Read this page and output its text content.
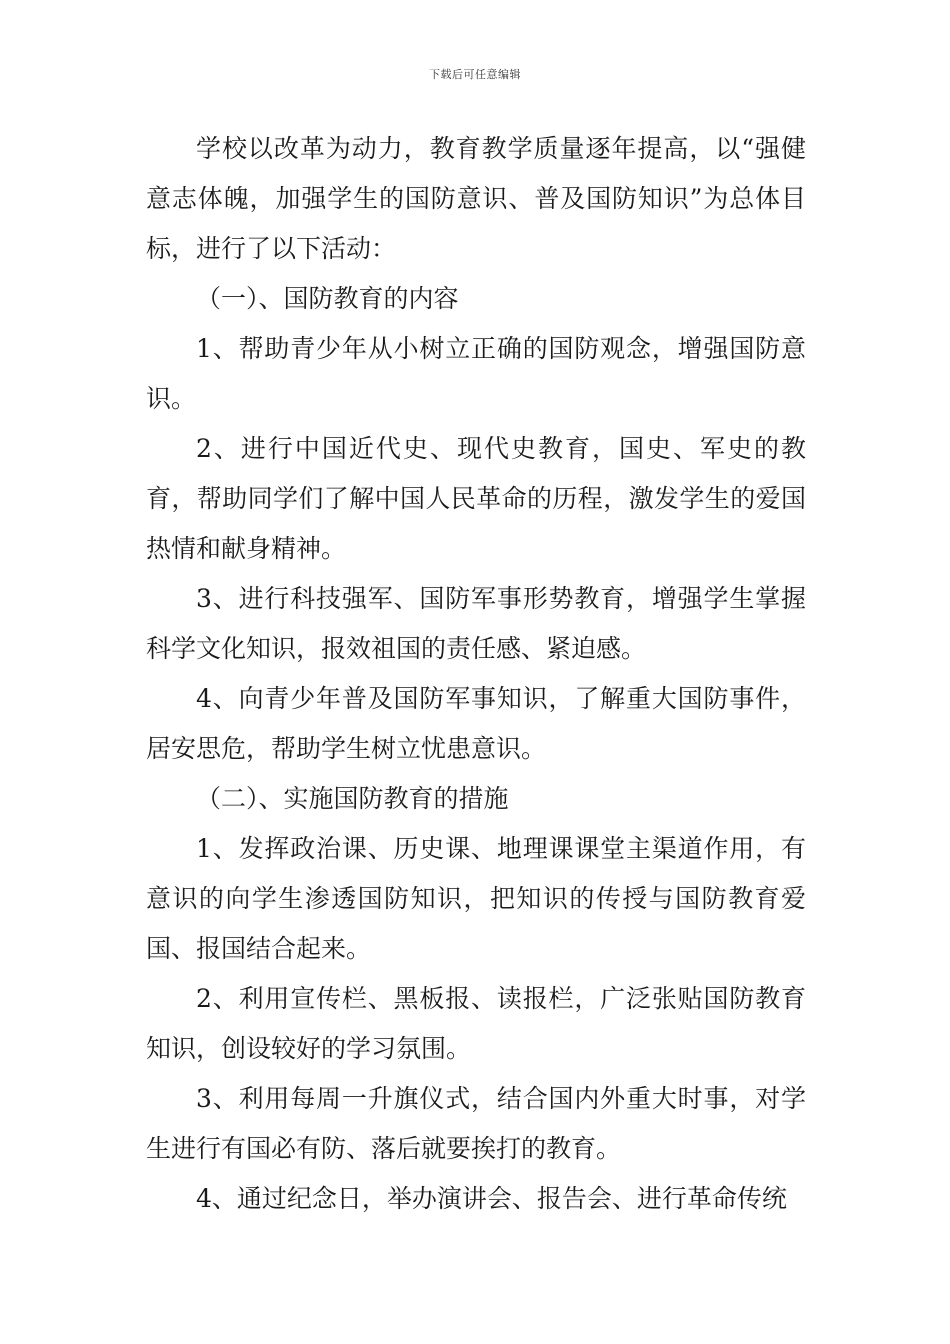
下载后可任意编辑

学校以改革为动力，教育教学质量逐年提高，以“强健意志体魄，加强学生的国防意识、普及国防知识”为总体目标，进行了以下活动：

（一）、国防教育的内容

1、帮助青少年从小树立正确的国防观念，增强国防意识。

2、进行中国近代史、现代史教育，国史、军史的教育，帮助同学们了解中国人民革命的历程，激发学生的爱国热情和献身精神。

3、进行科技强军、国防军事形势教育，增强学生掌握科学文化知识，报效祖国的责任感、紧迫感。

4、向青少年普及国防军事知识，了解重大国防事件，居安思危，帮助学生树立忧患意识。

（二）、实施国防教育的措施

1、发挥政治课、历史课、地理课课堂主渠道作用，有意识的向学生渗透国防知识，把知识的传授与国防教育爱国、报国结合起来。

2、利用宣传栏、黑板报、读报栏，广泛张贴国防教育知识，创设较好的学习氛围。

3、利用每周一升旗仪式，结合国内外重大时事，对学生进行有国必有防、落后就要挨打的教育。

4、通过纪念日，举办演讲会、报告会、进行革命传统
